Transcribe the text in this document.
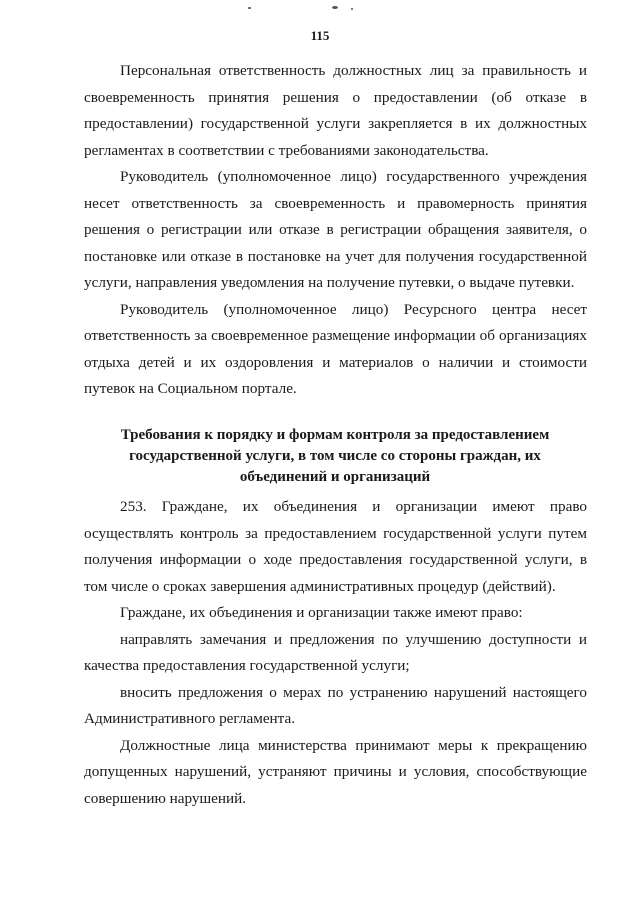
115

Персональная ответственность должностных лиц за правильность и своевременность принятия решения о предоставлении (об отказе в предоставлении) государственной услуги закрепляется в их должностных регламентах в соответствии с требованиями законодательства.

Руководитель (уполномоченное лицо) государственного учреждения несет ответственность за своевременность и правомерность принятия решения о регистрации или отказе в регистрации обращения заявителя, о постановке или отказе в постановке на учет для получения государственной услуги, направления уведомления на получение путевки, о выдаче путевки.

Руководитель (уполномоченное лицо) Ресурсного центра несет ответственность за своевременное размещение информации об организациях отдыха детей и их оздоровления и материалов о наличии и стоимости путевок на Социальном портале.

Требования к порядку и формам контроля за предоставлением
государственной услуги, в том числе со стороны граждан, их
объединений и организаций

253. Граждане, их объединения и организации имеют право осуществлять контроль за предоставлением государственной услуги путем получения информации о ходе предоставления государственной услуги, в том числе о сроках завершения административных процедур (действий).

Граждане, их объединения и организации также имеют право:

направлять замечания и предложения по улучшению доступности и качества предоставления государственной услуги;

вносить предложения о мерах по устранению нарушений настоящего Административного регламента.

Должностные лица министерства принимают меры к прекращению допущенных нарушений, устраняют причины и условия, способствующие совершению нарушений.
